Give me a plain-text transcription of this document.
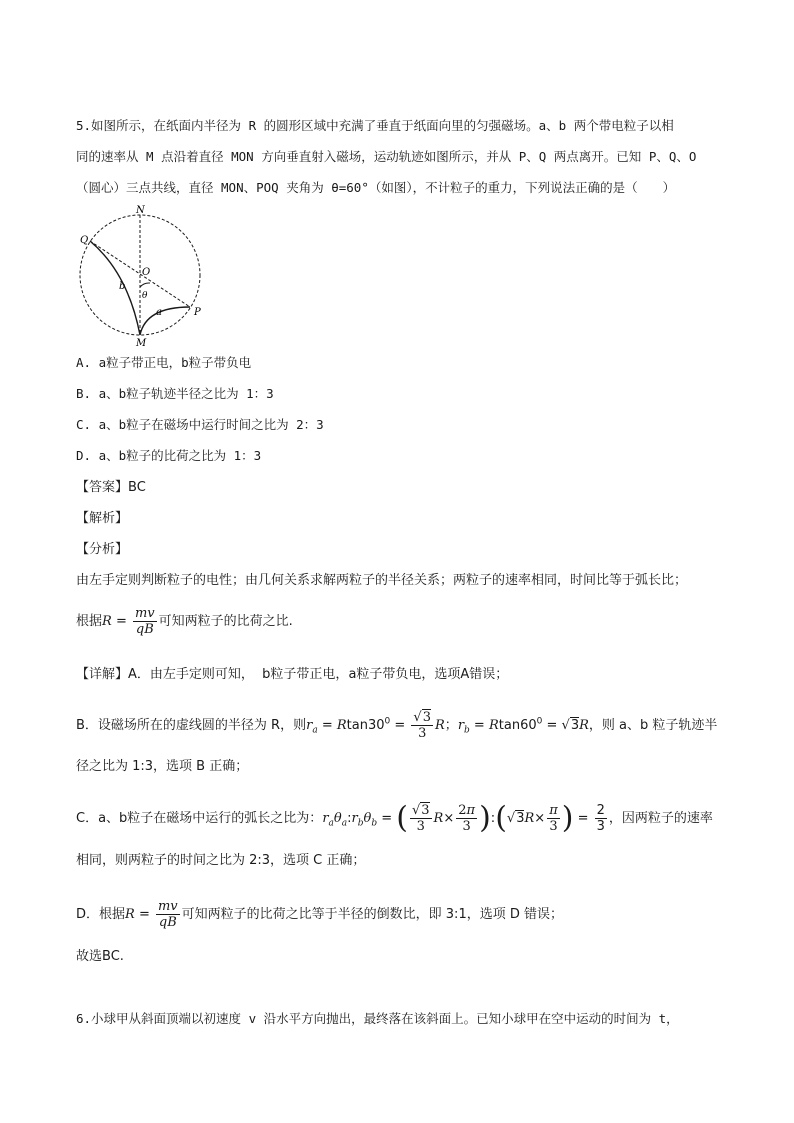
5.如图所示，在纸面内半径为 R 的圆形区域中充满了垂直于纸面向里的匀强磁场。a、b 两个带电粒子以相
同的速率从 M 点沿着直径 MON 方向垂直射入磁场，运动轨迹如图所示，并从 P、Q 两点离开。已知 P、Q、O
（圆心）三点共线，直径 MON、POQ 夹角为 θ=60°（如图），不计粒子的重力，下列说法正确的是（　　）
N
Q
O
b
θ
a	P
M
A. a粒子带正电，b粒子带负电
B. a、b粒子轨迹半径之比为 1：3
C. a、b粒子在磁场中运行时间之比为 2：3
D. a、b粒子的比荷之比为 1：3
【答案】BC
【解析】
【分析】
由左手定则判断粒子的电性；由几何关系求解两粒子的半径关系；两粒子的速率相同，时间比等于弧长比；
根据$R = \frac{mv}{qB}$ 可知两粒子的比荷之比.
【详解】A．由左手定则可知， b粒子带正电，a粒子带负电，选项A错误；
B．设磁场所在的虚线圆的半径为 R，则$r_a = Rtan30^0 = \frac{√3}{3}$ R；$r_b = Rtan60^0 = √3R$，则 a、b 粒子轨迹半
径之比为 1:3，选项 B 正确；
C．a、b粒子在磁场中运行的弧长之比为：$r_a\theta_a:r_b\theta_b$ = ( $\frac{√3}{3} R\times \frac{2\pi}{3}$ ):(√3R× $\frac{\pi}{3}$ ) = $\frac{2}{3}$ ，因两粒子的速率
相同，则两粒子的时间之比为 2:3，选项 C 正确；
D．根据$R = \frac{mv}{qB}$ 可知两粒子的比荷之比等于半径的倒数比，即 3:1，选项 D 错误；
故选BC.
6.小球甲从斜面顶端以初速度 v 沿水平方向抛出，最终落在该斜面上。已知小球甲在空中运动的时间为 t，
